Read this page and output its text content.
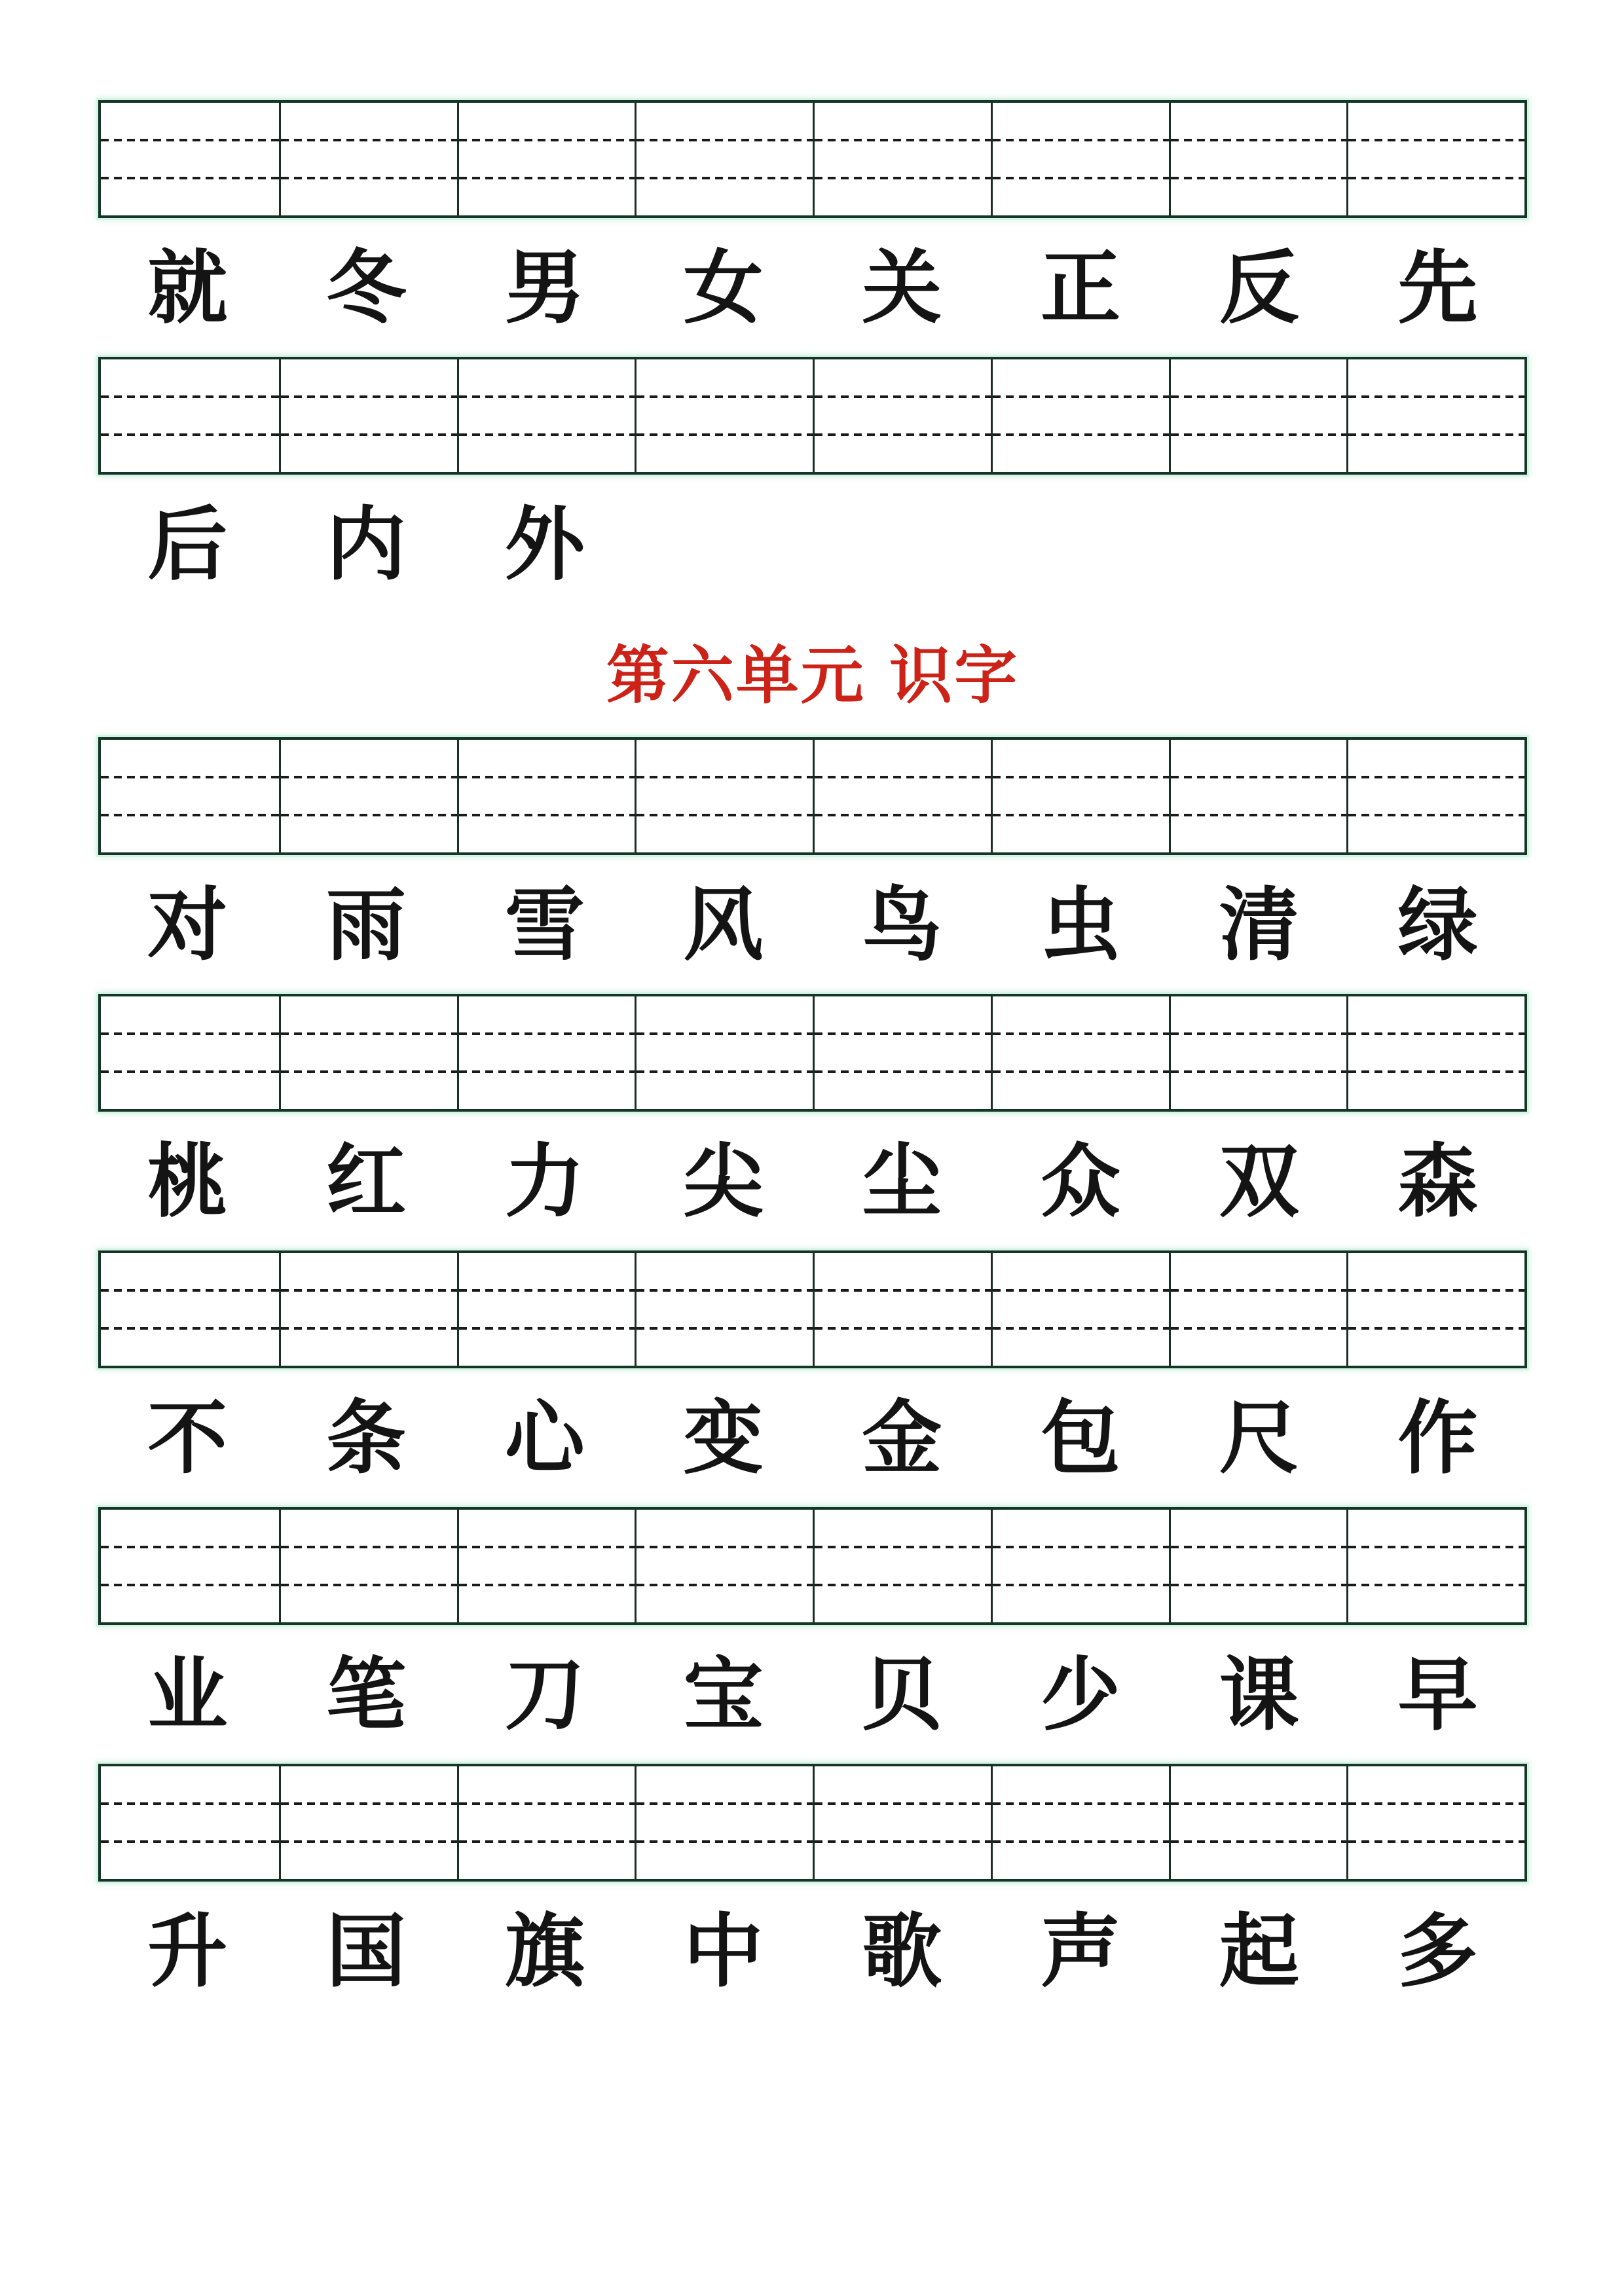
就 冬 男 女 关 正 反 先
后 内 外
第六单元 识字
对 雨 雪 风 鸟 虫 清 绿
桃 红 力 尖 尘 众 双 森
不 条 心 变 金 包 尺 作
业 笔 刀 宝 贝 少 课 早
升 国 旗 中 歌 声 起 多
